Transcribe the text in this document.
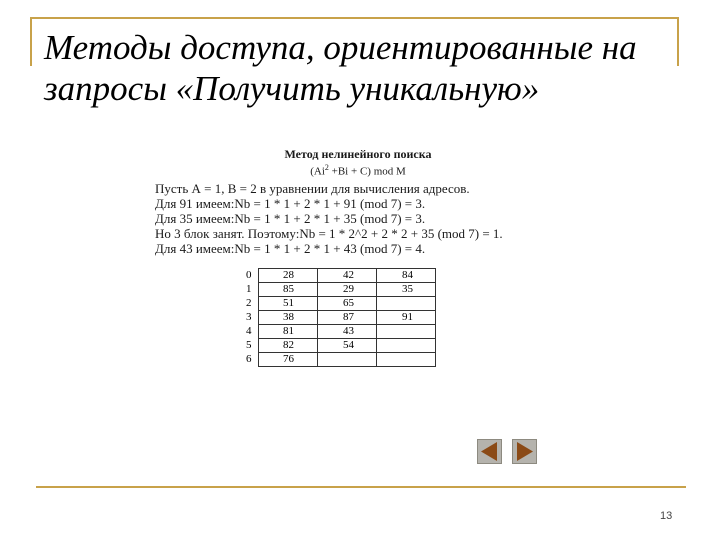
Методы доступа, ориентированные на
запросы «Получить уникальную»
Метод нелинейного поиска
$(Ai^2 +Bi + C)$ mod M
Пусть А = 1, В = 2 в уравнении для вычисления адресов.
Для 91 имеем:Nb = 1 * 1 + 2 * 1 + 91 (mod 7) = 3.
Для 35 имеем:Nb = 1 * 1 + 2 * 1 + 35 (mod 7) = 3.
Но 3 блок занят. Поэтому:Nb = 1 * 2^2 + 2 * 2 + 35 (mod 7) = 1.
Для 43 имеем:Nb = 1 * 1 + 2 * 1 + 43 (mod 7) = 4.
0	28	42	84
1	85	29	35
2	51	65	
3	38	87	91
4	81	43	
5	82	54	
6	76		
13
